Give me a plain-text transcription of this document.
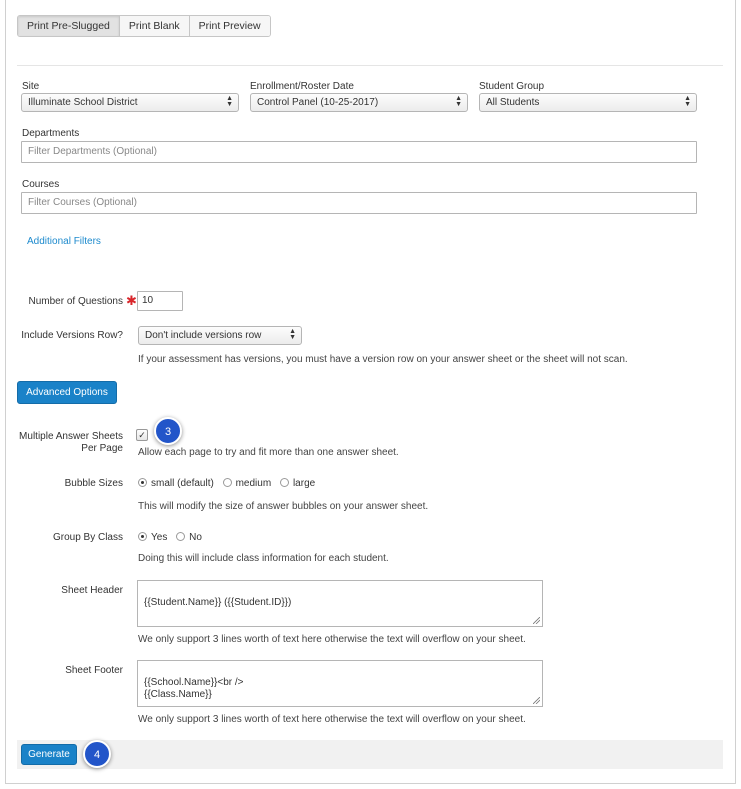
Print Pre-Slugged	Print Blank	Print Preview
Site
Illuminate School District	▲
▼
Enrollment/Roster Date
Control Panel (10-25-2017)	▲
▼
Student Group
All Students	▲
▼
Departments
Filter Departments (Optional)
Courses
Filter Courses (Optional)
Additional Filters
Number of Questions ✱ 10
Include Versions Row?	Don't include versions row	▲
▼
If your assessment has versions, you must have a version row on your answer sheet or the sheet will not scan.
Advanced Options
Multiple Answer Sheets
Per Page
✓
Allow each page to try and fit more than one answer sheet.
3
Bubble Sizes	small (default) medium large
This will modify the size of answer bubbles on your answer sheet.
Group By Class	Yes No
Doing this will include class information for each student.
Sheet Header

{{Student.Name}} ({{Student.ID}})

We only support 3 lines worth of text here otherwise the text will overflow on your sheet.
Sheet Footer

{{School.Name}}<br />
{{Class.Name}}

We only support 3 lines worth of text here otherwise the text will overflow on your sheet.
Generate	4
